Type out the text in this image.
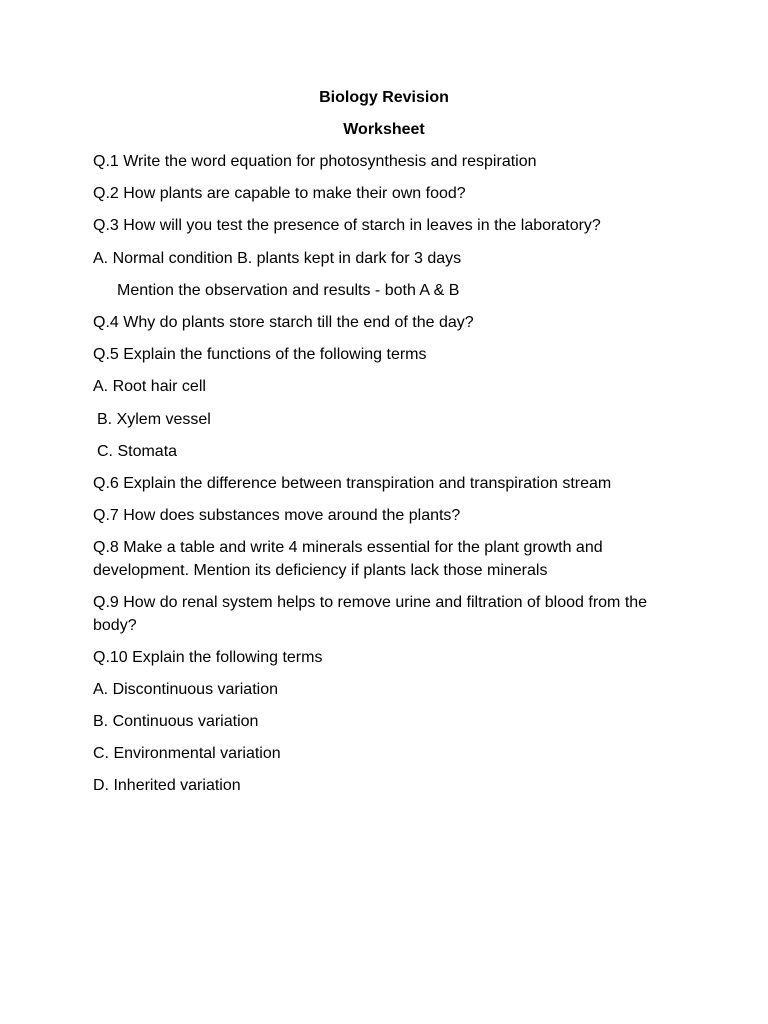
Biology Revision
Worksheet
Q.1 Write the word equation for photosynthesis and respiration
Q.2 How plants are capable to make their own food?
Q.3 How will you test the presence of starch in leaves in the laboratory?
A. Normal condition B. plants kept in dark for 3 days
Mention the observation and results - both A & B
Q.4 Why do plants store starch till the end of the day?
Q.5 Explain the functions of the following terms
A. Root hair cell
B. Xylem vessel
C. Stomata
Q.6 Explain the difference between transpiration and transpiration stream
Q.7 How does substances move around the plants?
Q.8 Make a table and write 4 minerals essential for the plant growth and development. Mention its deficiency if plants lack those minerals
Q.9 How do renal system helps to remove urine and filtration of blood from the body?
Q.10 Explain the following terms
A. Discontinuous variation
B. Continuous variation
C. Environmental variation
D. Inherited variation
